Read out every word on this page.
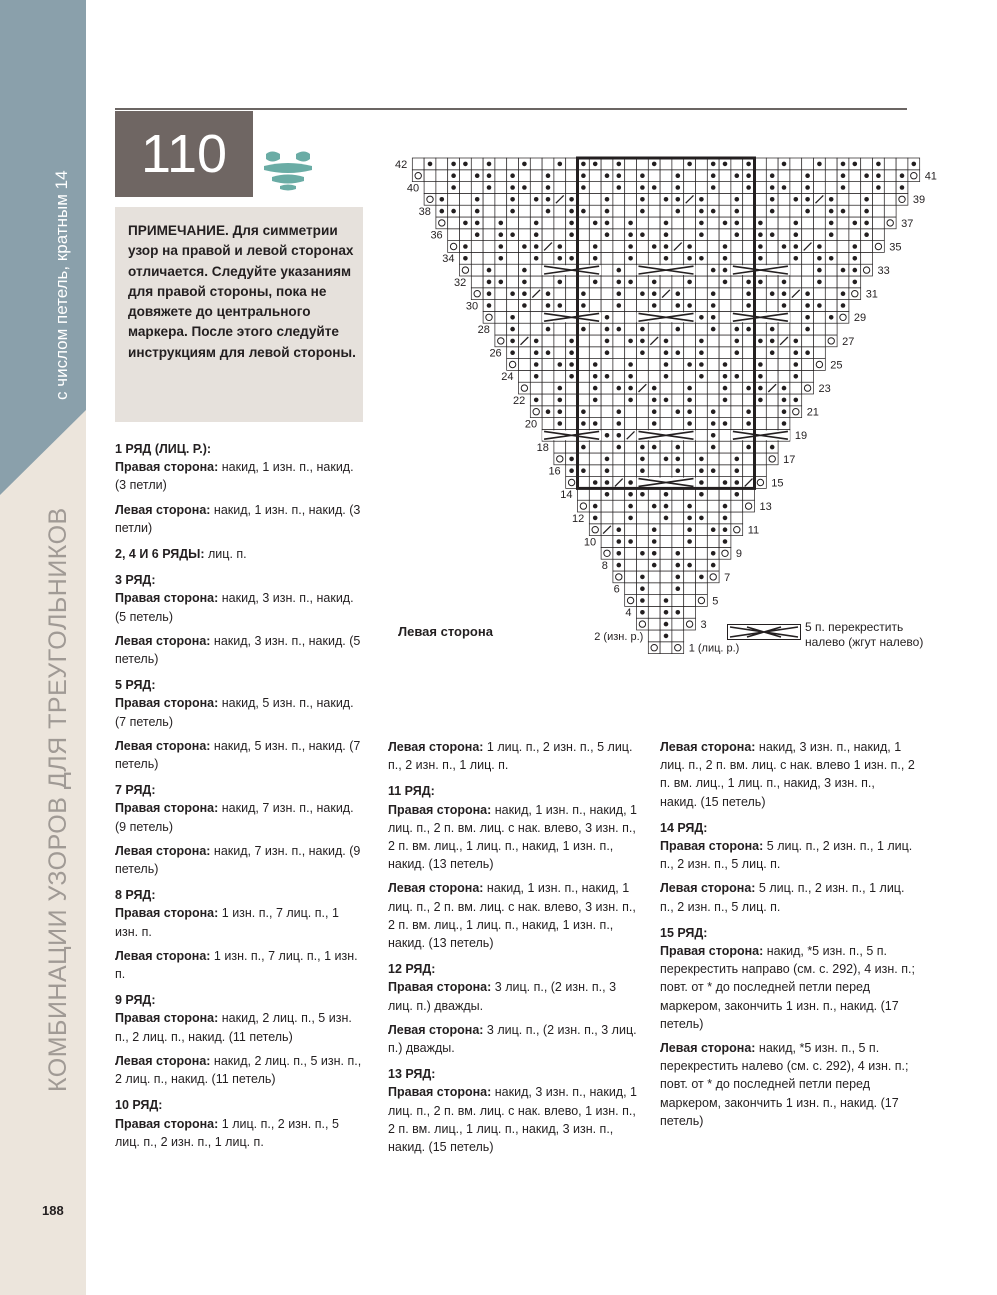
с числом петель, кратным 14
КОМБИНАЦИИ УЗОРОВ ДЛЯ ТРЕУГОЛЬНИКОВ
188
110
ПРИМЕЧАНИЕ. Для симметрии узор на правой и левой сторонах отличается. Следуйте указаниям для правой стороны, пока не довяжете до центрального маркера. После этого следуйте инструкциям для левой стороны.
41
39
37
35
33
31
29
27
25
23
21
19
17
15
13
11
9
7
5
3
42
40
38
36
34
32
30
28
26
24
22
20
18
16
14
12
10
8
6
4
2 (изн. р.)
1 (лиц. р.)
Левая сторона	5 п. перекрестить налево (жгут налево)

1 РЯД (ЛИЦ. Р.):

Правая сторона: накид, 1 изн. п., накид. (3 петли)

Левая сторона: накид, 1 изн. п., накид. (3 петли)

2, 4 И 6 РЯДЫ: лиц. п.

3 РЯД:

Правая сторона: накид, 3 изн. п., накид. (5 петель)

Левая сторона: накид, 3 изн. п., накид. (5 петель)

5 РЯД:

Правая сторона: накид, 5 изн. п., накид. (7 петель)

Левая сторона: накид, 5 изн. п., накид. (7 петель)

7 РЯД:

Правая сторона: накид, 7 изн. п., накид. (9 петель)

Левая сторона: накид, 7 изн. п., накид. (9 петель)

8 РЯД:

Правая сторона: 1 изн. п., 7 лиц. п., 1 изн. п.

Левая сторона: 1 изн. п., 7 лиц. п., 1 изн. п.

9 РЯД:

Правая сторона: накид, 2 лиц. п., 5 изн. п., 2 лиц. п., накид. (11 петель)

Левая сторона: накид, 2 лиц. п., 5 изн. п., 2 лиц. п., накид. (11 петель)

10 РЯД:

Правая сторона: 1 лиц. п., 2 изн. п., 5 лиц. п., 2 изн. п., 1 лиц. п.

Левая сторона: 1 лиц. п., 2 изн. п., 5 лиц. п., 2 изн. п., 1 лиц. п.

11 РЯД:

Правая сторона: накид, 1 изн. п., накид, 1 лиц. п., 2 п. вм. лиц. с нак. влево, 3 изн. п., 2 п. вм. лиц., 1 лиц. п., накид, 1 изн. п., накид. (13 петель)

Левая сторона: накид, 1 изн. п., накид, 1 лиц. п., 2 п. вм. лиц. с нак. влево, 3 изн. п., 2 п. вм. лиц., 1 лиц. п., накид, 1 изн. п., накид. (13 петель)

12 РЯД:

Правая сторона: 3 лиц. п., (2 изн. п., 3 лиц. п.) дважды.

Левая сторона: 3 лиц. п., (2 изн. п., 3 лиц. п.) дважды.

13 РЯД:

Правая сторона: накид, 3 изн. п., накид, 1 лиц. п., 2 п. вм. лиц. с нак. влево, 1 изн. п., 2 п. вм. лиц., 1 лиц. п., накид, 3 изн. п., накид. (15 петель)

Левая сторона: накид, 3 изн. п., накид, 1 лиц. п., 2 п. вм. лиц. с нак. влево 1 изн. п., 2 п. вм. лиц., 1 лиц. п., накид, 3 изн. п., накид. (15 петель)

14 РЯД:

Правая сторона: 5 лиц. п., 2 изн. п., 1 лиц. п., 2 изн. п., 5 лиц. п.

Левая сторона: 5 лиц. п., 2 изн. п., 1 лиц. п., 2 изн. п., 5 лиц. п.

15 РЯД:

Правая сторона: накид, *5 изн. п., 5 п. перекрестить направо (см. с. 292), 4 изн. п.; повт. от * до последней петли перед маркером, закончить 1 изн. п., накид. (17 петель)

Левая сторона: накид, *5 изн. п., 5 п. перекрестить налево (см. с. 292), 4 изн. п.; повт. от * до последней петли перед маркером, закончить 1 изн. п., накид. (17 петель)
